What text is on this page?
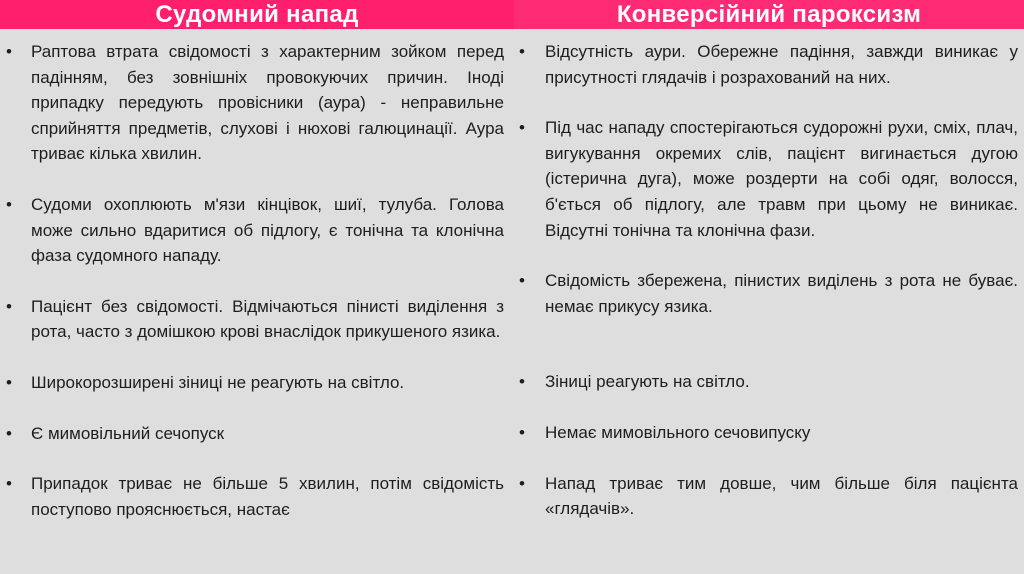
Судомний напад	Конверсійний пароксизм
• Раптова втрата свідомості з характерним зойком перед падінням, без зовнішніх провокуючих причин. Іноді припадку передують провісники (аура) - неправильне сприйняття предметів, слухові і нюхові галюцинації. Аура триває кілька хвилин.
• Судоми охоплюють м'язи кінцівок, шиї, тулуба. Голова може сильно вдаритися об підлогу, є тонічна та клонічна фаза судомного нападу.
• Пацієнт без свідомості. Відмічаються пінисті виділення з рота, часто з домішкою крові внаслідок прикушеного язика.
• Широкорозширені зіниці не реагують на світло.
• Є мимовільний сечопуск
• Припадок триває не більше 5 хвилин, потім свідомість поступово прояснюється, настає
• Відсутність аури. Обережне падіння, завжди виникає у присутності глядачів і розрахований на них.
• Під час нападу спостерігаються судорожні рухи, сміх, плач, вигукування окремих слів, пацієнт вигинається дугою (істерична дуга), може роздерти на собі одяг, волосся, б'ється об підлогу, але травм при цьому не виникає. Відсутні тонічна та клонічна фази.
• Свідомість збережена, пінистих виділень з рота не буває. немає прикусу язика.
• Зіниці реагують на світло.
• Немає мимовільного сечовипуску
• Напад триває тим довше, чим більше біля пацієнта «глядачів».
